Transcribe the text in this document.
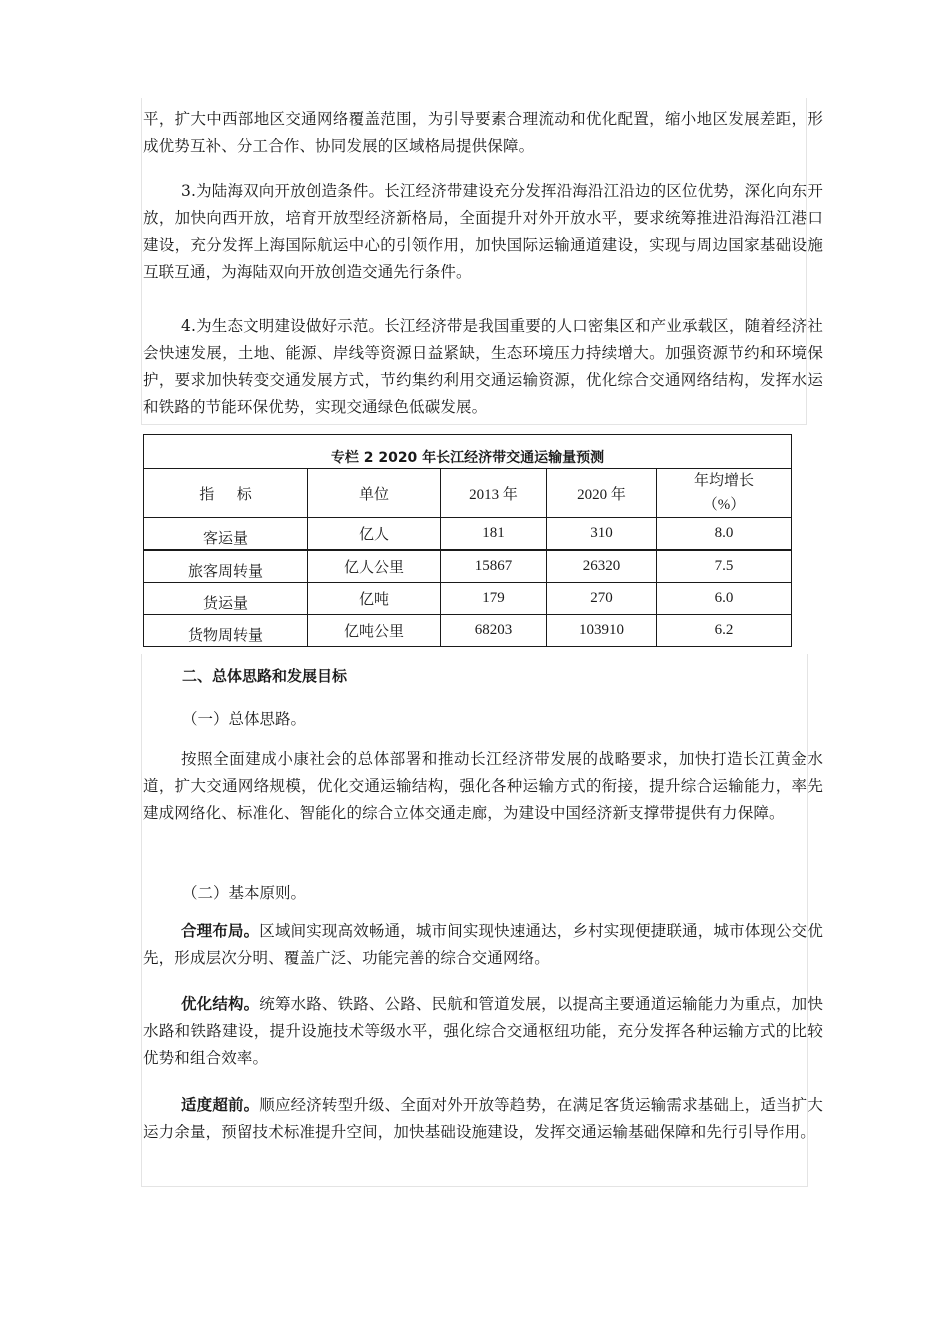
平，扩大中西部地区交通网络覆盖范围，为引导要素合理流动和优化配置，缩小地区发展差距，形成优势互补、分工合作、协同发展的区域格局提供保障。

3.为陆海双向开放创造条件。长江经济带建设充分发挥沿海沿江沿边的区位优势，深化向东开放，加快向西开放，培育开放型经济新格局，全面提升对外开放水平，要求统筹推进沿海沿江港口建设，充分发挥上海国际航运中心的引领作用，加快国际运输通道建设，实现与周边国家基础设施互联互通，为海陆双向开放创造交通先行条件。

4.为生态文明建设做好示范。长江经济带是我国重要的人口密集区和产业承载区，随着经济社会快速发展，土地、能源、岸线等资源日益紧缺，生态环境压力持续增大。加强资源节约和环境保护，要求加快转变交通发展方式，节约集约利用交通运输资源，优化综合交通网络结构，发挥水运和铁路的节能环保优势，实现交通绿色低碳发展。

专栏 2 2020 年长江经济带交通运输量预测				
指      标	单位	2013 年	2020 年	年均增长
（%）

客运量	亿人	181	310	8.0
旅客周转量	亿人公里	15867	26320	7.5
货运量	亿吨	179	270	6.0
货物周转量	亿吨公里	68203	103910	6.2

二、总体思路和发展目标

（一）总体思路。

按照全面建成小康社会的总体部署和推动长江经济带发展的战略要求，加快打造长江黄金水道，扩大交通网络规模，优化交通运输结构，强化各种运输方式的衔接，提升综合运输能力，率先建成网络化、标准化、智能化的综合立体交通走廊，为建设中国经济新支撑带提供有力保障。

（二）基本原则。

合理布局。区域间实现高效畅通，城市间实现快速通达，乡村实现便捷联通，城市体现公交优先，形成层次分明、覆盖广泛、功能完善的综合交通网络。

优化结构。统筹水路、铁路、公路、民航和管道发展，以提高主要通道运输能力为重点，加快水路和铁路建设，提升设施技术等级水平，强化综合交通枢纽功能，充分发挥各种运输方式的比较优势和组合效率。

适度超前。顺应经济转型升级、全面对外开放等趋势，在满足客货运输需求基础上，适当扩大运力余量，预留技术标准提升空间，加快基础设施建设，发挥交通运输基础保障和先行引导作用。
